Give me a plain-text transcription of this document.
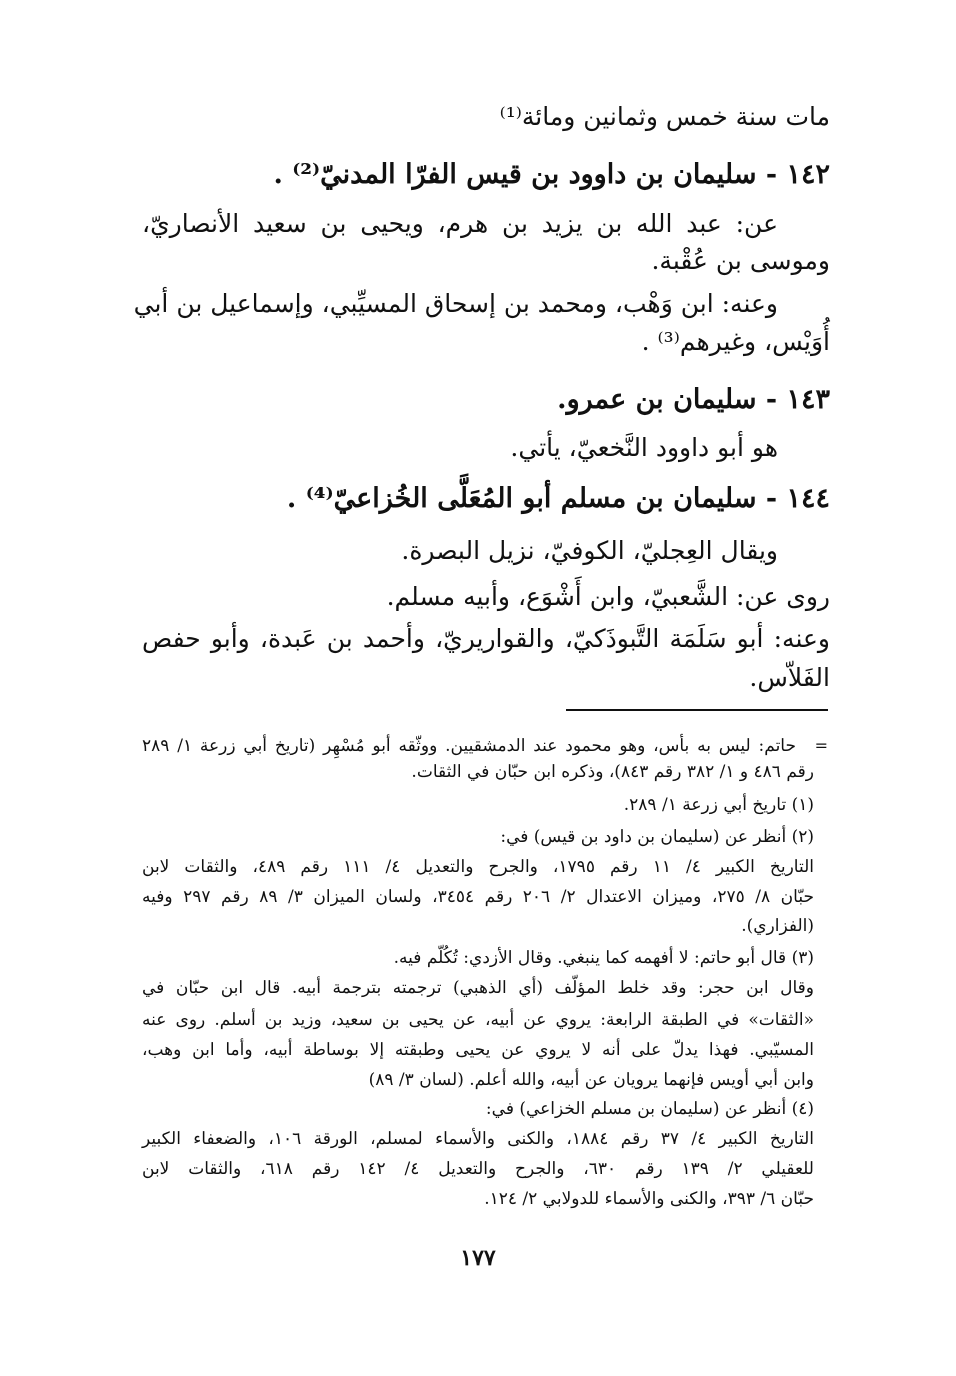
مات سنة خمس وثمانين ومائة⁽¹⁾
١٤٢ - سليمان بن داوود بن قيس الفرّا المدنيّ⁽²⁾ .
عن: عبد الله بن يزيد بن هرم، ويحيى بن سعيد الأنصاريّ،
وموسى بن عُقْبة.
وعنه: ابن وَهْب، ومحمد بن إسحاق المسيِّبي، وإسماعيل بن أبي
أُوَيْس، وغيرهم⁽³⁾ .
١٤٣ - سليمان بن عمرو.
هو أبو داوود النَّخعيّ، يأتي.
١٤٤ - سليمان بن مسلم أبو المُعَلَّى الخُزاعيّ⁽⁴⁾ .
ويقال العِجليّ، الكوفيّ، نزيل البصرة.
روى عن: الشَّعبيّ، وابن أَشْوَع، وأبيه مسلم.
وعنه: أبو سَلَمَة التَّبوذَكيّ، والقواريريّ، وأحمد بن عَبدة، وأبو حفص
الفَلاّس.
=
حاتم: ليس به بأس، وهو محمود عند الدمشقيين. ووثّقه أبو مُسْهِر (تاريخ أبي زرعة ١/ ٢٨٩
رقم ٤٨٦ و ١/ ٣٨٢ رقم ٨٤٣)، وذكره ابن حبّان في الثقات.
(١) تاريخ أبي زرعة ١/ ٢٨٩.
(٢) أنظر عن (سليمان بن داود بن قيس) في:
التاريخ الكبير ٤/ ١١ رقم ١٧٩٥، والجرح والتعديل ٤/ ١١١ رقم ٤٨٩، والثقات لابن
حبّان ٨/ ٢٧٥، وميزان الاعتدال ٢/ ٢٠٦ رقم ٣٤٥٤، ولسان الميزان ٣/ ٨٩ رقم ٢٩٧ وفيه
(الفزاري).
(٣) قال أبو حاتم: لا أفهمه كما ينبغي. وقال الأزدي: تُكُلّم فيه.
وقال ابن حجر: وقد خلط المؤلّف (أي الذهبي) ترجمته بترجمة أبيه. قال ابن حبّان في
«الثقات» في الطبقة الرابعة: يروي عن أبيه، عن يحيى بن سعيد، وزيد بن أسلم. روى عنه
المسيّبي. فهذا يدلّ على أنه لا يروي عن يحيى وطبقته إلا بوساطة أبيه، وأما ابن وهب،
وابن أبي أويس فإنهما يرويان عن أبيه، والله أعلم. (لسان ٣/ ٨٩)
(٤) أنظر عن (سليمان بن مسلم الخزاعي) في:
التاريخ الكبير ٤/ ٣٧ رقم ١٨٨٤، والكنى والأسماء لمسلم، الورقة ١٠٦، والضعفاء الكبير
للعقيلي ٢/ ١٣٩ رقم ٦٣٠، والجرح والتعديل ٤/ ١٤٢ رقم ٦١٨، والثقات لابن
حبّان ٦/ ٣٩٣، والكنى والأسماء للدولابي ٢/ ١٢٤.
١٧٧
